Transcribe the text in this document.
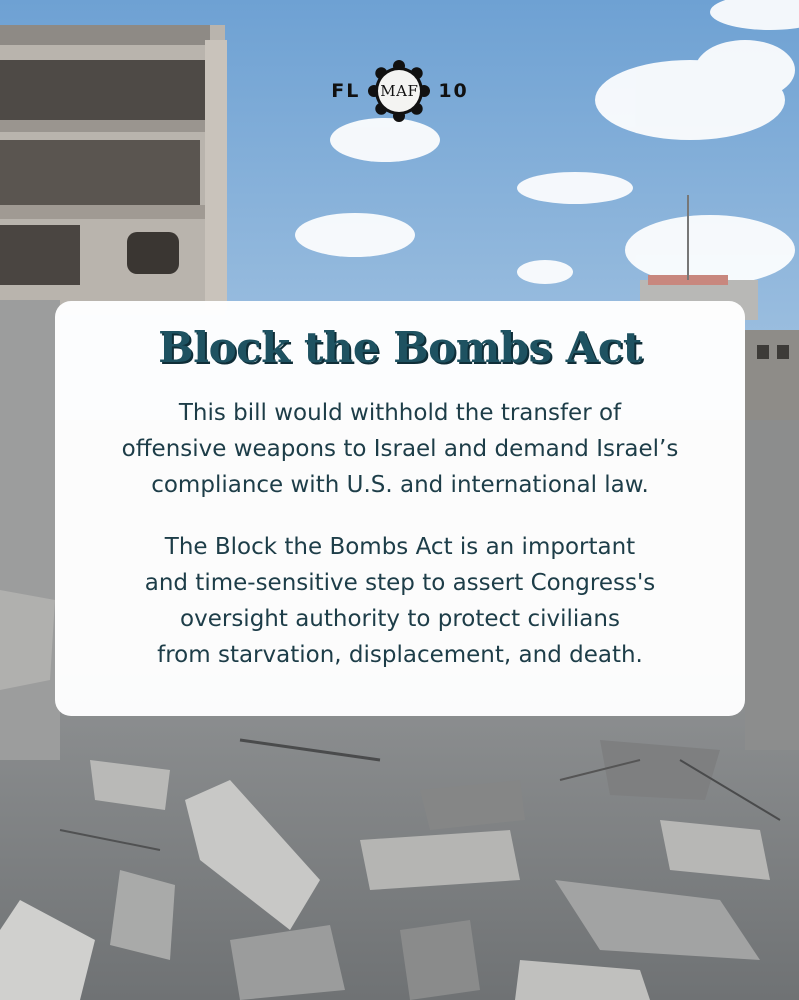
FL	MAF	10
Block the Bombs Act

This bill would withhold the transfer of
offensive weapons to Israel and demand Israel’s
compliance with U.S. and international law.

The Block the Bombs Act is an important
and time-sensitive step to assert Congress's
oversight authority to protect civilians
from starvation, displacement, and death.
